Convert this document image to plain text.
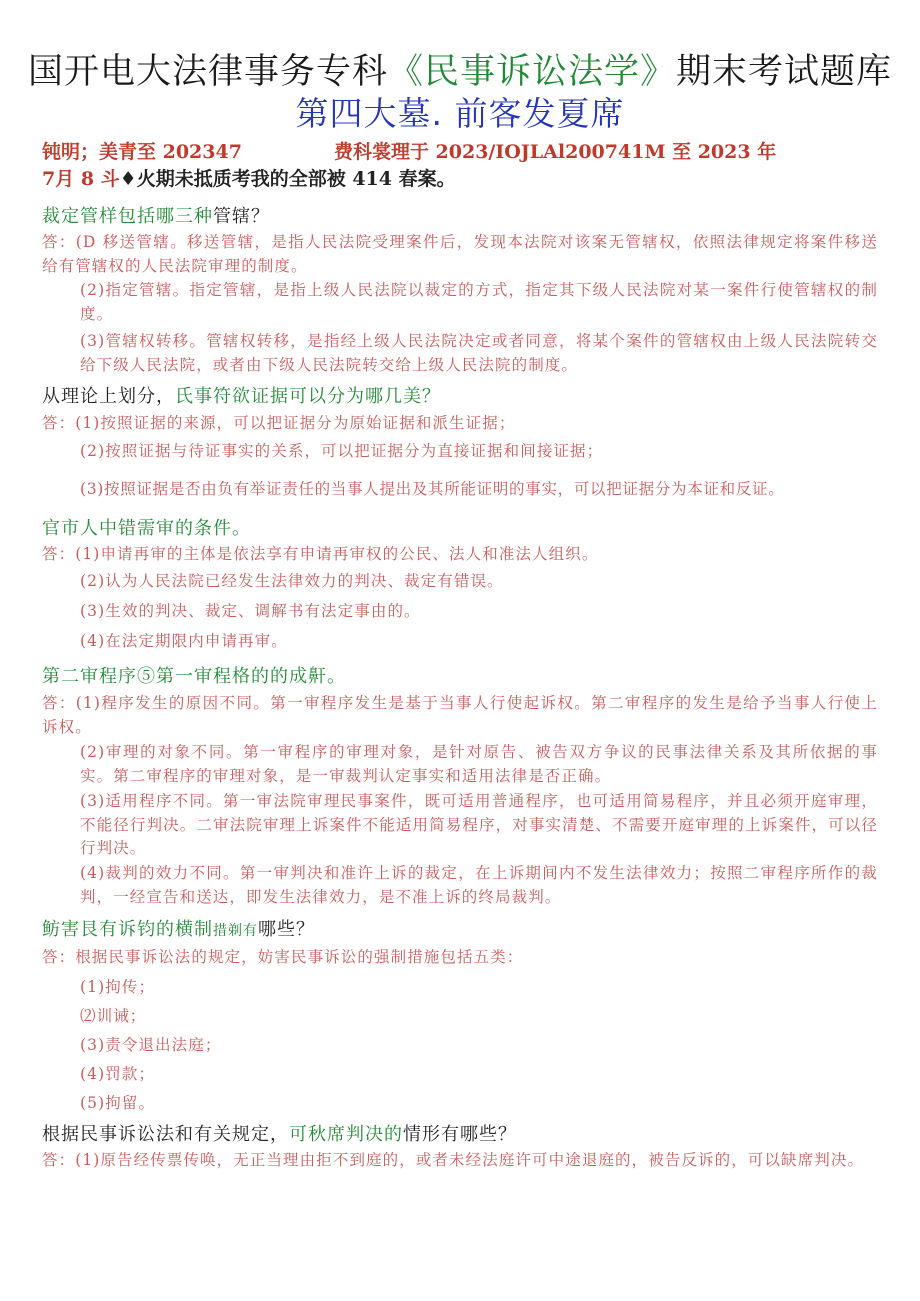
国开电大法律事务专科《民事诉讼法学》期末考试题库
第四大墓. 前客发夏席
钝明；美青至 202347	费科裳理于 2023/IOJLAl200741M 至 2023 年
7月 8 斗♦火期未抵质考我的全部被 414 春案。
裁定管样包括哪三种管辖？
答：(D 移送管辖。移送管辖，是指人民法院受理案件后，发现本法院对该案无管辖权，依照法律规定将案件移送给有管辖权的人民法院审理的制度。
(2)指定管辖。指定管辖，是指上级人民法院以裁定的方式，指定其下级人民法院对某一案件行使管辖权的制度。
(3)管辖权转移。管辖权转移，是指经上级人民法院决定或者同意，将某个案件的管辖权由上级人民法院转交给下级人民法院，或者由下级人民法院转交给上级人民法院的制度。
从理论上划分，氏事符欲证据可以分为哪几美？
答：(1)按照证据的来源，可以把证据分为原始证据和派生证据；
(2)按照证据与待证事实的关系，可以把证据分为直接证据和间接证据；
(3)按照证据是否由负有举证责任的当事人提出及其所能证明的事实，可以把证据分为本证和反证。
官市人中错需审的条件。
答：(1)申请再审的主体是依法享有申请再审权的公民、法人和准法人组织。
(2)认为人民法院已经发生法律效力的判决、裁定有错误。
(3)生效的判决、裁定、调解书有法定事由的。
(4)在法定期限内申请再审。
第二审程序⑤第一审程格的的成鼾。
答：(1)程序发生的原因不同。第一审程序发生是基于当事人行使起诉权。第二审程序的发生是给予当事人行使上诉权。
(2)审理的对象不同。第一审程序的审理对象，是针对原告、被告双方争议的民事法律关系及其所依据的事实。第二审程序的审理对象，是一审裁判认定事实和适用法律是否正确。
(3)适用程序不同。第一审法院审理民事案件，既可适用普通程序，也可适用简易程序，并且必须开庭审理，不能径行判决。二审法院审理上诉案件不能适用简易程序，对事实清楚、不需要开庭审理的上诉案件，可以径行判决。
(4)裁判的效力不同。第一审判决和准许上诉的裁定，在上诉期间内不发生法律效力；按照二审程序所作的裁判，一经宣告和送达，即发生法律效力，是不准上诉的终局裁判。
鲂害艮有诉钧的横制措剃有哪些？
答：根据民事诉讼法的规定，妨害民事诉讼的强制措施包括五类：
(1)拘传；
⑵训诫；
(3)责令退出法庭；
(4)罚款；
(5)拘留。
根据民事诉讼法和有关规定，可秋席判决的情形有哪些？
答：(1)原告经传票传唤，无正当理由拒不到庭的，或者未经法庭许可中途退庭的，被告反诉的，可以缺席判决。
